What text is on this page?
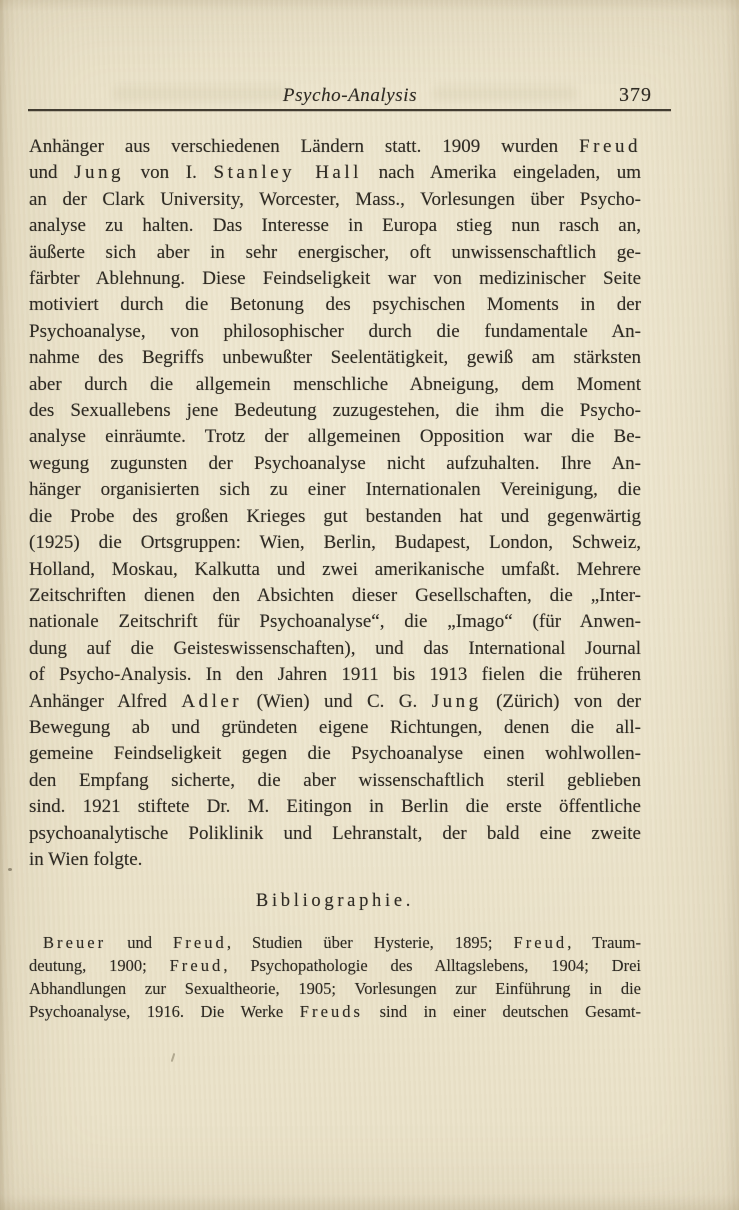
Psycho-Analysis	379
Anhänger aus verschiedenen Ländern statt. 1909 wurden Freud
und Jung von I. Stanley Hall nach Amerika eingeladen, um
an der Clark University, Worcester, Mass., Vorlesungen über Psycho-
analyse zu halten. Das Interesse in Europa stieg nun rasch an,
äußerte sich aber in sehr energischer, oft unwissenschaftlich ge-
färbter Ablehnung. Diese Feindseligkeit war von medizinischer Seite
motiviert durch die Betonung des psychischen Moments in der
Psychoanalyse, von philosophischer durch die fundamentale An-
nahme des Begriffs unbewußter Seelentätigkeit, gewiß am stärksten
aber durch die allgemein menschliche Abneigung, dem Moment
des Sexuallebens jene Bedeutung zuzugestehen, die ihm die Psycho-
analyse einräumte. Trotz der allgemeinen Opposition war die Be-
wegung zugunsten der Psychoanalyse nicht aufzuhalten. Ihre An-
hänger organisierten sich zu einer Internationalen Vereinigung, die
die Probe des großen Krieges gut bestanden hat und gegenwärtig
(1925) die Ortsgruppen: Wien, Berlin, Budapest, London, Schweiz,
Holland, Moskau, Kalkutta und zwei amerikanische umfaßt. Mehrere
Zeitschriften dienen den Absichten dieser Gesellschaften, die „Inter-
nationale Zeitschrift für Psychoanalyse“, die „Imago“ (für Anwen-
dung auf die Geisteswissenschaften), und das International Journal
of Psycho-Analysis. In den Jahren 1911 bis 1913 fielen die früheren
Anhänger Alfred Adler (Wien) und C. G. Jung (Zürich) von der
Bewegung ab und gründeten eigene Richtungen, denen die all-
gemeine Feindseligkeit gegen die Psychoanalyse einen wohlwollen-
den Empfang sicherte, die aber wissenschaftlich steril geblieben
sind. 1921 stiftete Dr. M. Eitingon in Berlin die erste öffentliche
psychoanalytische Poliklinik und Lehranstalt, der bald eine zweite
in Wien folgte.
Bibliographie.
Breuer und Freud, Studien über Hysterie, 1895; Freud, Traum-
deutung, 1900; Freud, Psychopathologie des Alltagslebens, 1904; Drei
Abhandlungen zur Sexualtheorie, 1905; Vorlesungen zur Einführung in die
Psychoanalyse, 1916. Die Werke Freuds sind in einer deutschen Gesamt-
